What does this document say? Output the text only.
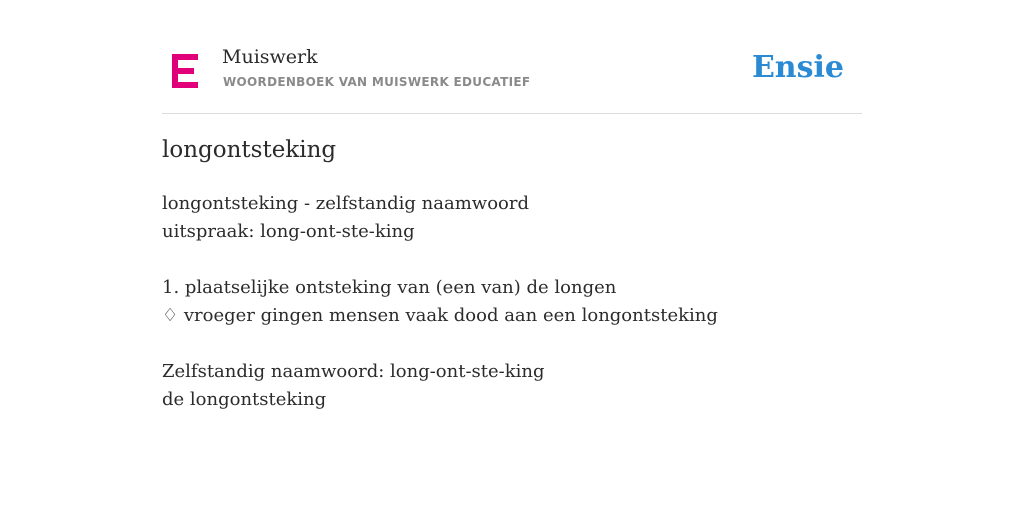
Muiswerk
WOORDENBOEK VAN MUISWERK EDUCATIEF	Ensie
longontsteking
longontsteking - zelfstandig naamwoord
uitspraak: long-ont-ste-king
1. plaatselijke ontsteking van (een van) de longen
♢ vroeger gingen mensen vaak dood aan een longontsteking
Zelfstandig naamwoord: long-ont-ste-king
de longontsteking
